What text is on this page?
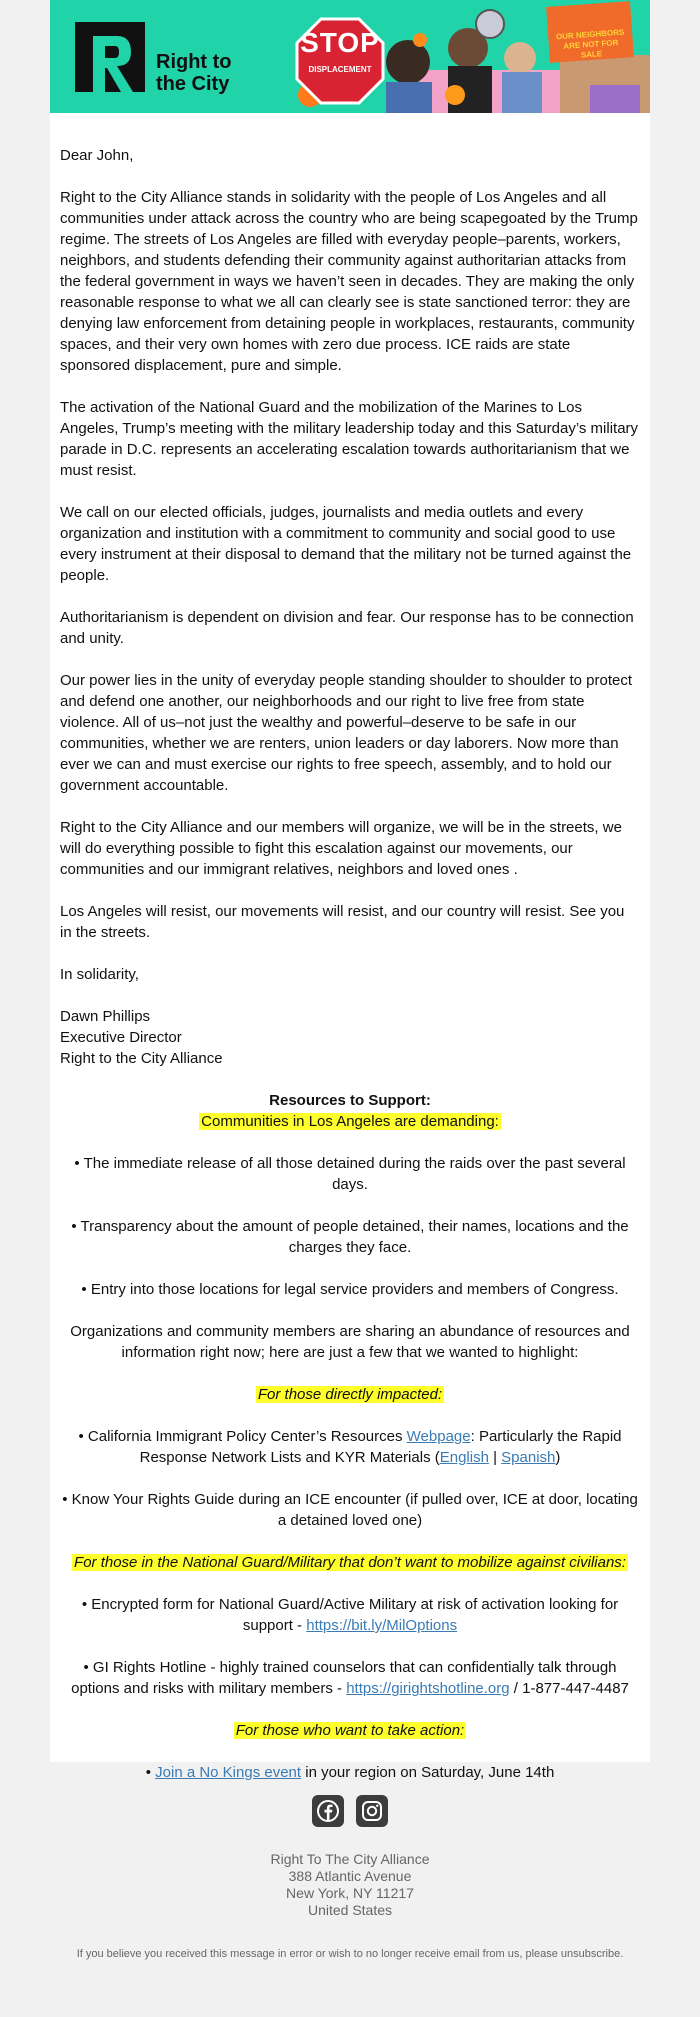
Right to
the City
STOP
DISPLACEMENT
OUR NEIGHBORS ARE NOT FOR SALE

Dear John,

Right to the City Alliance stands in solidarity with the people of Los Angeles and all communities under attack across the country who are being scapegoated by the Trump regime. The streets of Los Angeles are filled with everyday people–parents, workers, neighbors, and students defending their community against authoritarian attacks from the federal government in ways we haven’t seen in decades. They are making the only reasonable response to what we all can clearly see is state sanctioned terror: they are denying law enforcement from detaining people in workplaces, restaurants, community spaces, and their very own homes with zero due process. ICE raids are state sponsored displacement, pure and simple.

The activation of the National Guard and the mobilization of the Marines to Los Angeles, Trump’s meeting with the military leadership today and this Saturday’s military parade in D.C. represents an accelerating escalation towards authoritarianism that we must resist.

We call on our elected officials, judges, journalists and media outlets and every organization and institution with a commitment to community and social good to use every instrument at their disposal to demand that the military not be turned against the people.

Authoritarianism is dependent on division and fear. Our response has to be connection and unity.

Our power lies in the unity of everyday people standing shoulder to shoulder to protect and defend one another, our neighborhoods and our right to live free from state violence. All of us–not just the wealthy and powerful–deserve to be safe in our communities, whether we are renters, union leaders or day laborers. Now more than ever we can and must exercise our rights to free speech, assembly, and to hold our government accountable.

Right to the City Alliance and our members will organize, we will be in the streets, we will do everything possible to fight this escalation against our movements, our communities and our immigrant relatives, neighbors and loved ones .

Los Angeles will resist, our movements will resist, and our country will resist. See you in the streets.

In solidarity,

Dawn Phillips
Executive Director
Right to the City Alliance

Resources to Support:
Communities in Los Angeles are demanding:

• The immediate release of all those detained during the raids over the past several days.

• Transparency about the amount of people detained, their names, locations and the charges they face.

• Entry into those locations for legal service providers and members of Congress.

Organizations and community members are sharing an abundance of resources and information right now; here are just a few that we wanted to highlight:

For those directly impacted:

• California Immigrant Policy Center’s Resources Webpage: Particularly the Rapid Response Network Lists and KYR Materials (English | Spanish)

• Know Your Rights Guide during an ICE encounter (if pulled over, ICE at door, locating a detained loved one)

For those in the National Guard/Military that don’t want to mobilize against civilians:

• Encrypted form for National Guard/Active Military at risk of activation looking for support - https://bit.ly/MilOptions

• GI Rights Hotline - highly trained counselors that can confidentially talk through options and risks with military members - https://girightshotline.org / 1-877-447-4487

For those who want to take action:

• Join a No Kings event in your region on Saturday, June 14th

Right To The City Alliance
388 Atlantic Avenue
New York, NY 11217
United States
If you believe you received this message in error or wish to no longer receive email from us, please unsubscribe.
